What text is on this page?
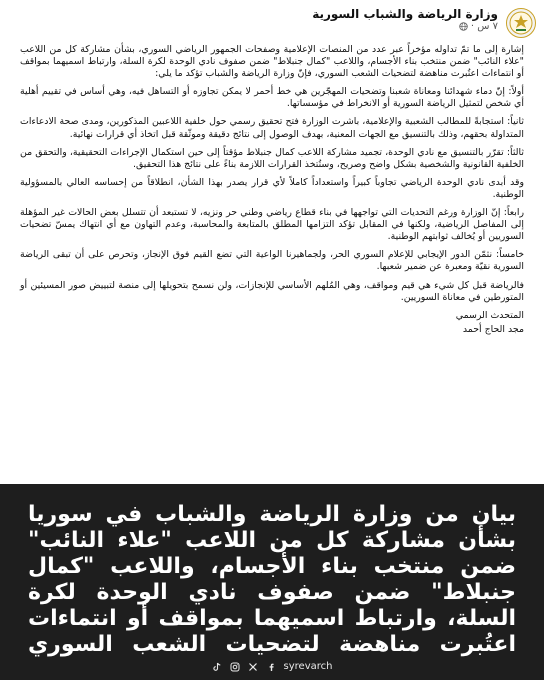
وزارة الرياضة والشباب السورية
٧ س ·

إشارة إلى ما تمّ تداوله مؤخراً عبر عدد من المنصات الإعلامية وصفحات الجمهور الرياضي السوري، بشأن مشاركة كل من اللاعب "علاء النائب" ضمن منتخب بناء الأجسام، واللاعب "كمال جنبلاط" ضمن صفوف نادي الوحدة لكرة السلة، وارتباط اسميهما بمواقف أو انتماءات اعتُبرت مناهضة لتضحيات الشعب السوري، فإنّ وزارة الرياضة والشباب تؤكد ما يلي:

أولاً: إنّ دماء شهدائنا ومعاناة شعبنا وتضحيات المهجّرين هي خط أحمر لا يمكن تجاوزه أو التساهل فيه، وهي أساس في تقييم أهلية أي شخص لتمثيل الرياضة السورية أو الانخراط في مؤسساتها.

ثانياً: استجابةً للمطالب الشعبية والإعلامية، باشرت الوزارة فتح تحقيق رسمي حول خلفية اللاعبين المذكورين، ومدى صحة الادعاءات المتداولة بحقهم، وذلك بالتنسيق مع الجهات المعنية، بهدف الوصول إلى نتائج دقيقة وموثّقة قبل اتخاذ أي قرارات نهائية.

ثالثاً: تقرّر بالتنسيق مع نادي الوحدة، تجميد مشاركة اللاعب كمال جنبلاط مؤقتاً إلى حين استكمال الإجراءات التحقيقية، والتحقق من الخلفية القانونية والشخصية بشكل واضح وصريح، وستُتخذ القرارات اللازمة بناءً على نتائج هذا التحقيق.

وقد أبدى نادي الوحدة الرياضي تجاوباً كبيراً واستعداداً كاملاً لأي قرار يصدر بهذا الشأن، انطلاقاً من إحساسه العالي بالمسؤولية الوطنية.

رابعاً: إنّ الوزارة ورغم التحديات التي تواجهها في بناء قطاع رياضي وطني حر ونزيه، لا تستبعد أن تتسلل بعض الحالات غير المؤهلة إلى المفاصل الرياضية، ولكنها في المقابل تؤكد التزامها المطلق بالمتابعة والمحاسبة، وعدم التهاون مع أي انتهاك يمسّ تضحيات السوريين أو يُخالف ثوابتهم الوطنية.

خامساً: نثمّن الدور الإيجابي للإعلام السوري الحر، ولجماهيرنا الواعية التي تضع القيم فوق الإنجاز، وتحرص على أن تبقى الرياضة السورية نقيّة ومعبرة عن ضمير شعبها.

فالرياضة قبل كل شيء هي قيم ومواقف، وهي المُلهم الأساسي للإنجازات، ولن نسمح بتحويلها إلى منصة لتبييض صور المسيئين أو المتورطين في معاناة السوريين.

المتحدث الرسمي
مجد الحاج أحمد
بيان من وزارة الرياضة والشباب في سوريا بشأن مشاركة كل من اللاعب "علاء النائب" ضمن منتخب بناء الأجسام، واللاعب "كمال جنبلاط" ضمن صفوف نادي الوحدة لكرة السلة، وارتباط اسميهما بمواقف أو انتماءات اعتُبرت مناهضة لتضحيات الشعب السوري
syrevarch
